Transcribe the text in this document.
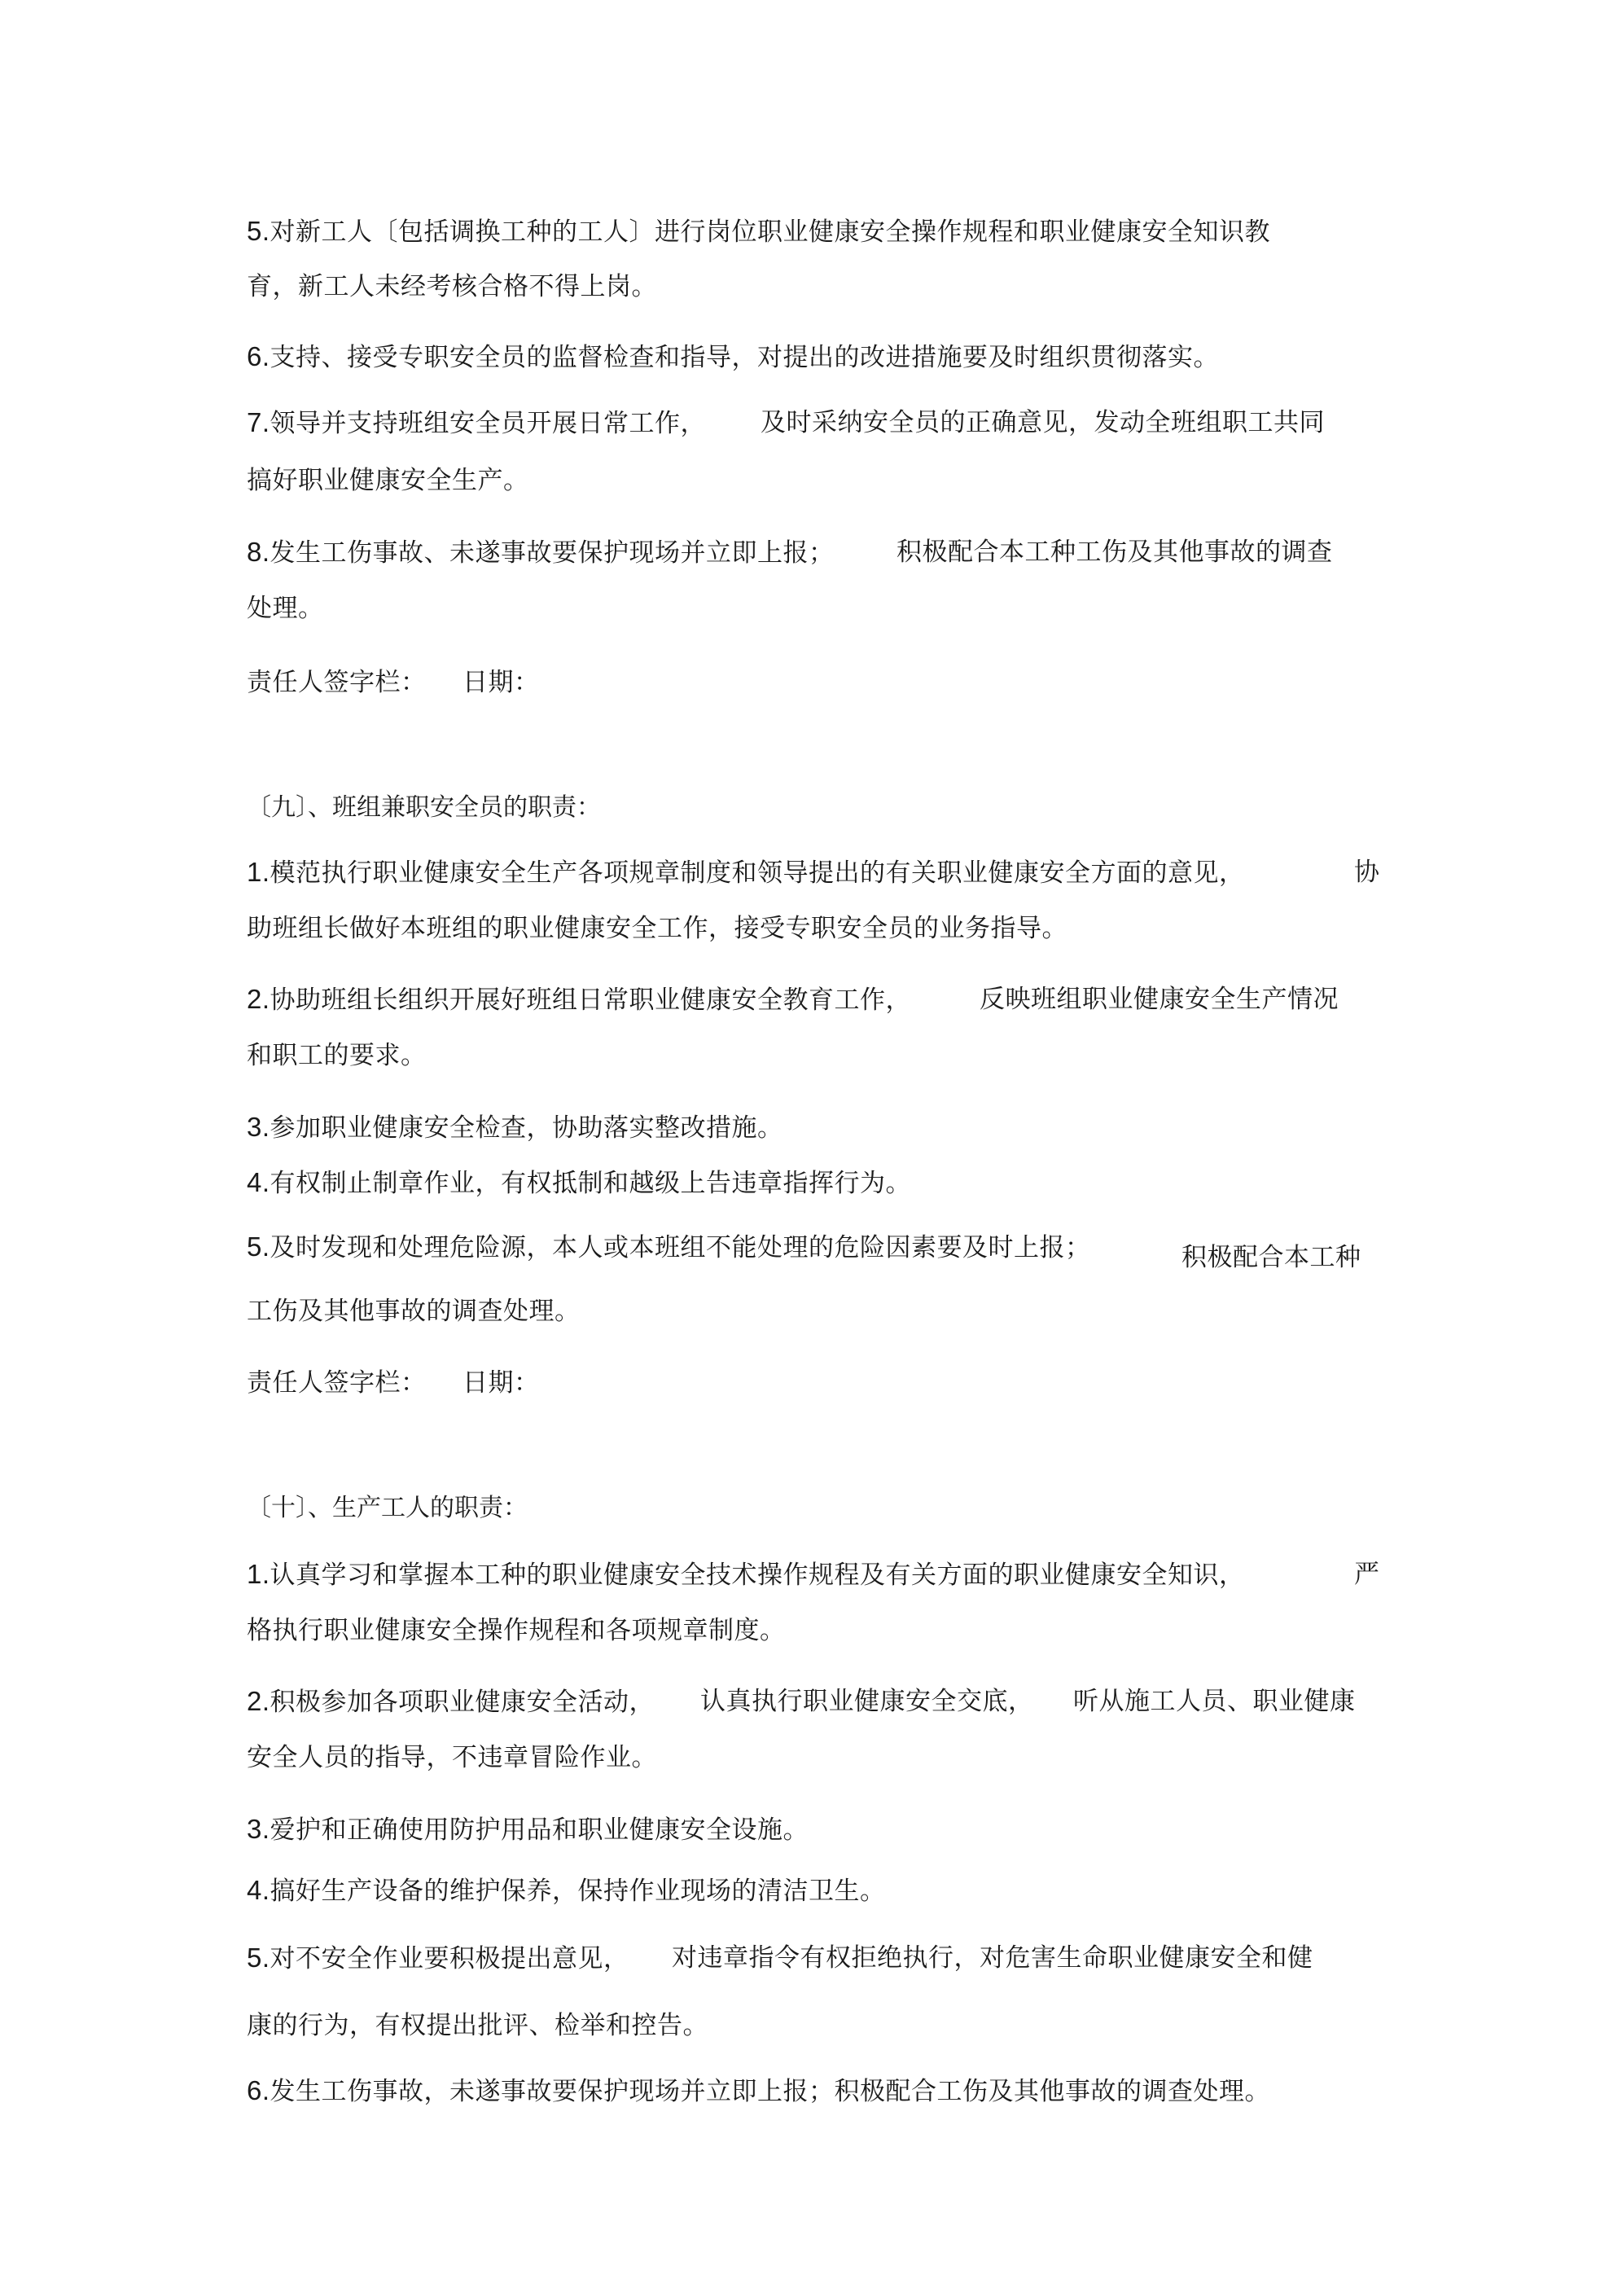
5.对新工人〔包括调换工种的工人〕进行岗位职业健康安全操作规程和职业健康安全知识教
育，新工人未经考核合格不得上岗。
6.支持、接受专职安全员的监督检查和指导，对提出的改进措施要及时组织贯彻落实。
7.领导并支持班组安全员开展日常工作， 及时采纳安全员的正确意见，发动全班组职工共同
搞好职业健康安全生产。
8.发生工伤事故、未遂事故要保护现场并立即上报； 积极配合本工种工伤及其他事故的调查
处理。
责任人签字栏： 日期：
〔九〕、班组兼职安全员的职责：
1.模范执行职业健康安全生产各项规章制度和领导提出的有关职业健康安全方面的意见，	协
助班组长做好本班组的职业健康安全工作，接受专职安全员的业务指导。
2.协助班组长组织开展好班组日常职业健康安全教育工作，	反映班组职业健康安全生产情况
和职工的要求。
3.参加职业健康安全检查，协助落实整改措施。
4.有权制止制章作业，有权抵制和越级上告违章指挥行为。
5.及时发现和处理危险源，本人或本班组不能处理的危险因素要及时上报；	积极配合本工种
工伤及其他事故的调查处理。
责任人签字栏： 日期：
〔十〕、生产工人的职责：
1.认真学习和掌握本工种的职业健康安全技术操作规程及有关方面的职业健康安全知识，	严
格执行职业健康安全操作规程和各项规章制度。
2.积极参加各项职业健康安全活动， 认真执行职业健康安全交底， 听从施工人员、职业健康
安全人员的指导，不违章冒险作业。
3.爱护和正确使用防护用品和职业健康安全设施。
4.搞好生产设备的维护保养，保持作业现场的清洁卫生。
5.对不安全作业要积极提出意见， 对违章指令有权拒绝执行，对危害生命职业健康安全和健
康的行为，有权提出批评、检举和控告。
6.发生工伤事故，未遂事故要保护现场并立即上报；积极配合工伤及其他事故的调查处理。
